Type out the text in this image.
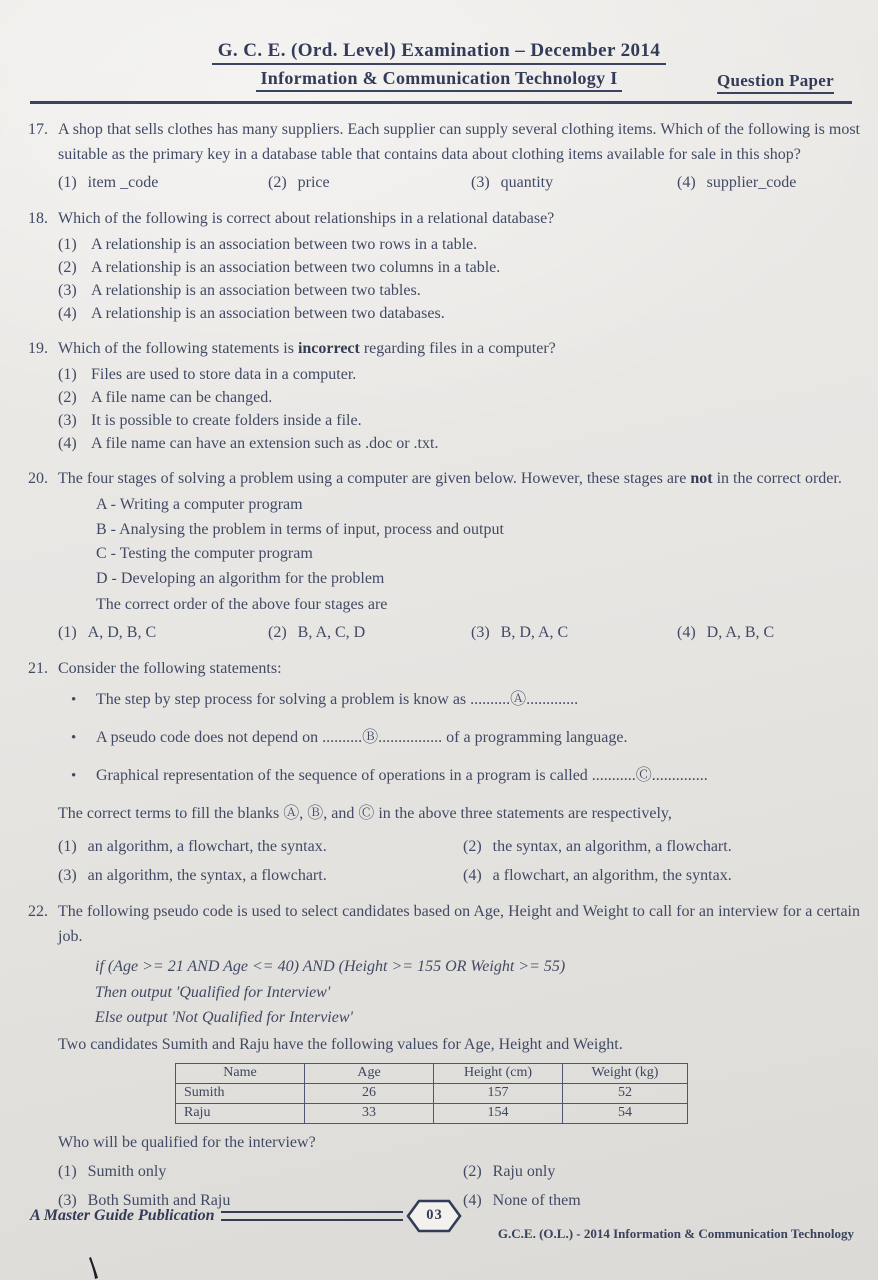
G. C. E. (Ord. Level) Examination – December 2014
Information & Communication Technology I	Question Paper
17. A shop that sells clothes has many suppliers. Each supplier can supply several clothing items. Which of the following is most suitable as the primary key in a database table that contains data about clothing items available for sale in this shop?

(1) item _code	(2) price	(3) quantity	(4) supplier_code
18. Which of the following is correct about relationships in a relational database?

(1) A relationship is an association between two rows in a table.
(2) A relationship is an association between two columns in a table.
(3) A relationship is an association between two tables.
(4) A relationship is an association between two databases.
19. Which of the following statements is incorrect regarding files in a computer?

(1) Files are used to store data in a computer.
(2) A file name can be changed.
(3) It is possible to create folders inside a file.
(4) A file name can have an extension such as .doc or .txt.
20. The four stages of solving a problem using a computer are given below. However, these stages are not in the correct order.

A - Writing a computer program
B - Analysing the problem in terms of input, process and output
C - Testing the computer program
D - Developing an algorithm for the problem
The correct order of the above four stages are
(1) A, D, B, C	(2) B, A, C, D	(3) B, D, A, C	(4) D, A, B, C
21. Consider the following statements:

•	The step by step process for solving a problem is know as ..........Ⓐ.............
•	A pseudo code does not depend on ..........Ⓑ................ of a programming language.
•	Graphical representation of the sequence of operations in a program is called ...........Ⓒ..............
The correct terms to fill the blanks Ⓐ, Ⓑ, and Ⓒ in the above three statements are respectively,
(1) an algorithm, a flowchart, the syntax.	(2) the syntax, an algorithm, a flowchart.
(3) an algorithm, the syntax, a flowchart.	(4) a flowchart, an algorithm, the syntax.
22. The following pseudo code is used to select candidates based on Age, Height and Weight to call for an interview for a certain job.

if (Age >= 21 AND Age <= 40) AND (Height >= 155 OR Weight >= 55)
Then output 'Qualified for Interview'
Else output 'Not Qualified for Interview'
Two candidates Sumith and Raju have the following values for Age, Height and Weight.
Name	Age	Height (cm)	Weight (kg)
Sumith	26	157	52
Raju	33	154	54
Who will be qualified for the interview?
(1) Sumith only	(2) Raju only
(3) Both Sumith and Raju	(4) None of them
A Master Guide Publication	03
G.C.E. (O.L.) - 2014 Information & Communication Technology
